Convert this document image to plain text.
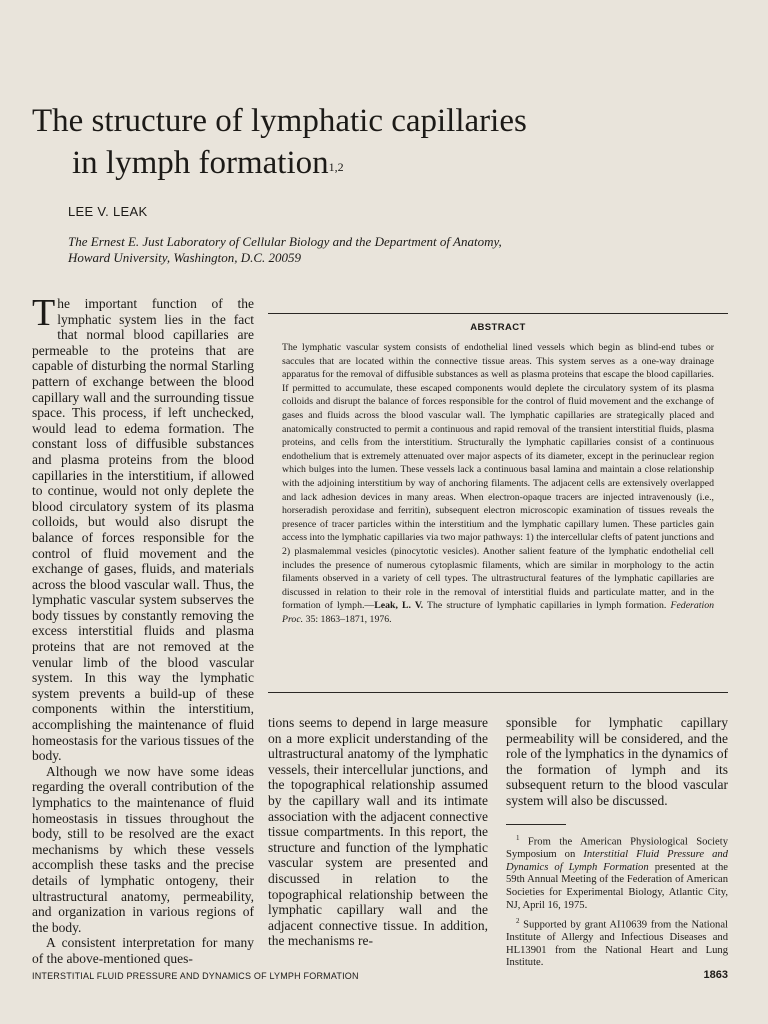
The structure of lymphatic capillaries
in lymph formation$^{1,2}$
LEE V. LEAK
The Ernest E. Just Laboratory of Cellular Biology and the Department of Anatomy,
Howard University, Washington, D.C. 20059

The important function of the lymphatic system lies in the fact that normal blood capillaries are permeable to the proteins that are capable of disturbing the normal Starling pattern of exchange between the blood capillary wall and the surrounding tissue space. This process, if left unchecked, would lead to edema formation. The constant loss of diffusible substances and plasma proteins from the blood capillaries in the interstitium, if allowed to continue, would not only deplete the blood circulatory system of its plasma colloids, but would also disrupt the balance of forces responsible for the control of fluid movement and the exchange of gases, fluids, and materials across the blood vascular wall. Thus, the lymphatic vascular system subserves the body tissues by constantly removing the excess interstitial fluids and plasma proteins that are not removed at the venular limb of the blood vascular system. In this way the lymphatic system prevents a build-up of these components within the interstitium, accomplishing the maintenance of fluid homeostasis for the various tissues of the body.

Although we now have some ideas regarding the overall contribution of the lymphatics to the maintenance of fluid homeostasis in tissues throughout the body, still to be resolved are the exact mechanisms by which these vessels accomplish these tasks and the precise details of lymphatic ontogeny, their ultrastructural anatomy, permeability, and organization in various regions of the body.

A consistent interpretation for many of the above-mentioned ques-

ABSTRACT
The lymphatic vascular system consists of endothelial lined vessels which begin as blind-end tubes or saccules that are located within the connective tissue areas. This system serves as a one-way drainage apparatus for the removal of diffusible substances as well as plasma proteins that escape the blood capillaries. If permitted to accumulate, these escaped components would deplete the circulatory system of its plasma colloids and disrupt the balance of forces responsible for the control of fluid movement and the exchange of gases and fluids across the blood vascular wall. The lymphatic capillaries are strategically placed and anatomically constructed to permit a continuous and rapid removal of the transient interstitial fluids, plasma proteins, and cells from the interstitium. Structurally the lymphatic capillaries consist of a continuous endothelium that is extremely attenuated over major aspects of its diameter, except in the perinuclear region which bulges into the lumen. These vessels lack a continuous basal lamina and maintain a close relationship with the adjoining interstitium by way of anchoring filaments. The adjacent cells are extensively overlapped and lack adhesion devices in many areas. When electron-opaque tracers are injected intravenously (i.e., horseradish peroxidase and ferritin), subsequent electron microscopic examination of tissues reveals the presence of tracer particles within the interstitium and the lymphatic capillary lumen. These particles gain access into the lymphatic capillaries via two major pathways: 1) the intercellular clefts of patent junctions and 2) plasmalemmal vesicles (pinocytotic vesicles). Another salient feature of the lymphatic endothelial cell includes the presence of numerous cytoplasmic filaments, which are similar in morphology to the actin filaments observed in a variety of cell types. The ultrastructural features of the lymphatic capillaries are discussed in relation to their role in the removal of interstitial fluids and particulate matter, and in the formation of lymph.—Leak, L. V. The structure of lymphatic capillaries in lymph formation. Federation Proc. 35: 1863–1871, 1976.

tions seems to depend in large measure on a more explicit understanding of the ultrastructural anatomy of the lymphatic vessels, their intercellular junctions, and the topographical relationship assumed by the capillary wall and its intimate association with the adjacent connective tissue compartments. In this report, the structure and function of the lymphatic vascular system are presented and discussed in relation to the topographical relationship between the lymphatic capillary wall and the adjacent connective tissue. In addition, the mechanisms re-

sponsible for lymphatic capillary permeability will be considered, and the role of the lymphatics in the dynamics of the formation of lymph and its subsequent return to the blood vascular system will also be discussed.

$^1$ From the American Physiological Society Symposium on Interstitial Fluid Pressure and Dynamics of Lymph Formation presented at the 59th Annual Meeting of the Federation of American Societies for Experimental Biology, Atlantic City, NJ, April 16, 1975.

$^2$ Supported by grant AI10639 from the National Institute of Allergy and Infectious Diseases and HL13901 from the National Heart and Lung Institute.

INTERSTITIAL FLUID PRESSURE AND DYNAMICS OF LYMPH FORMATION	1863
